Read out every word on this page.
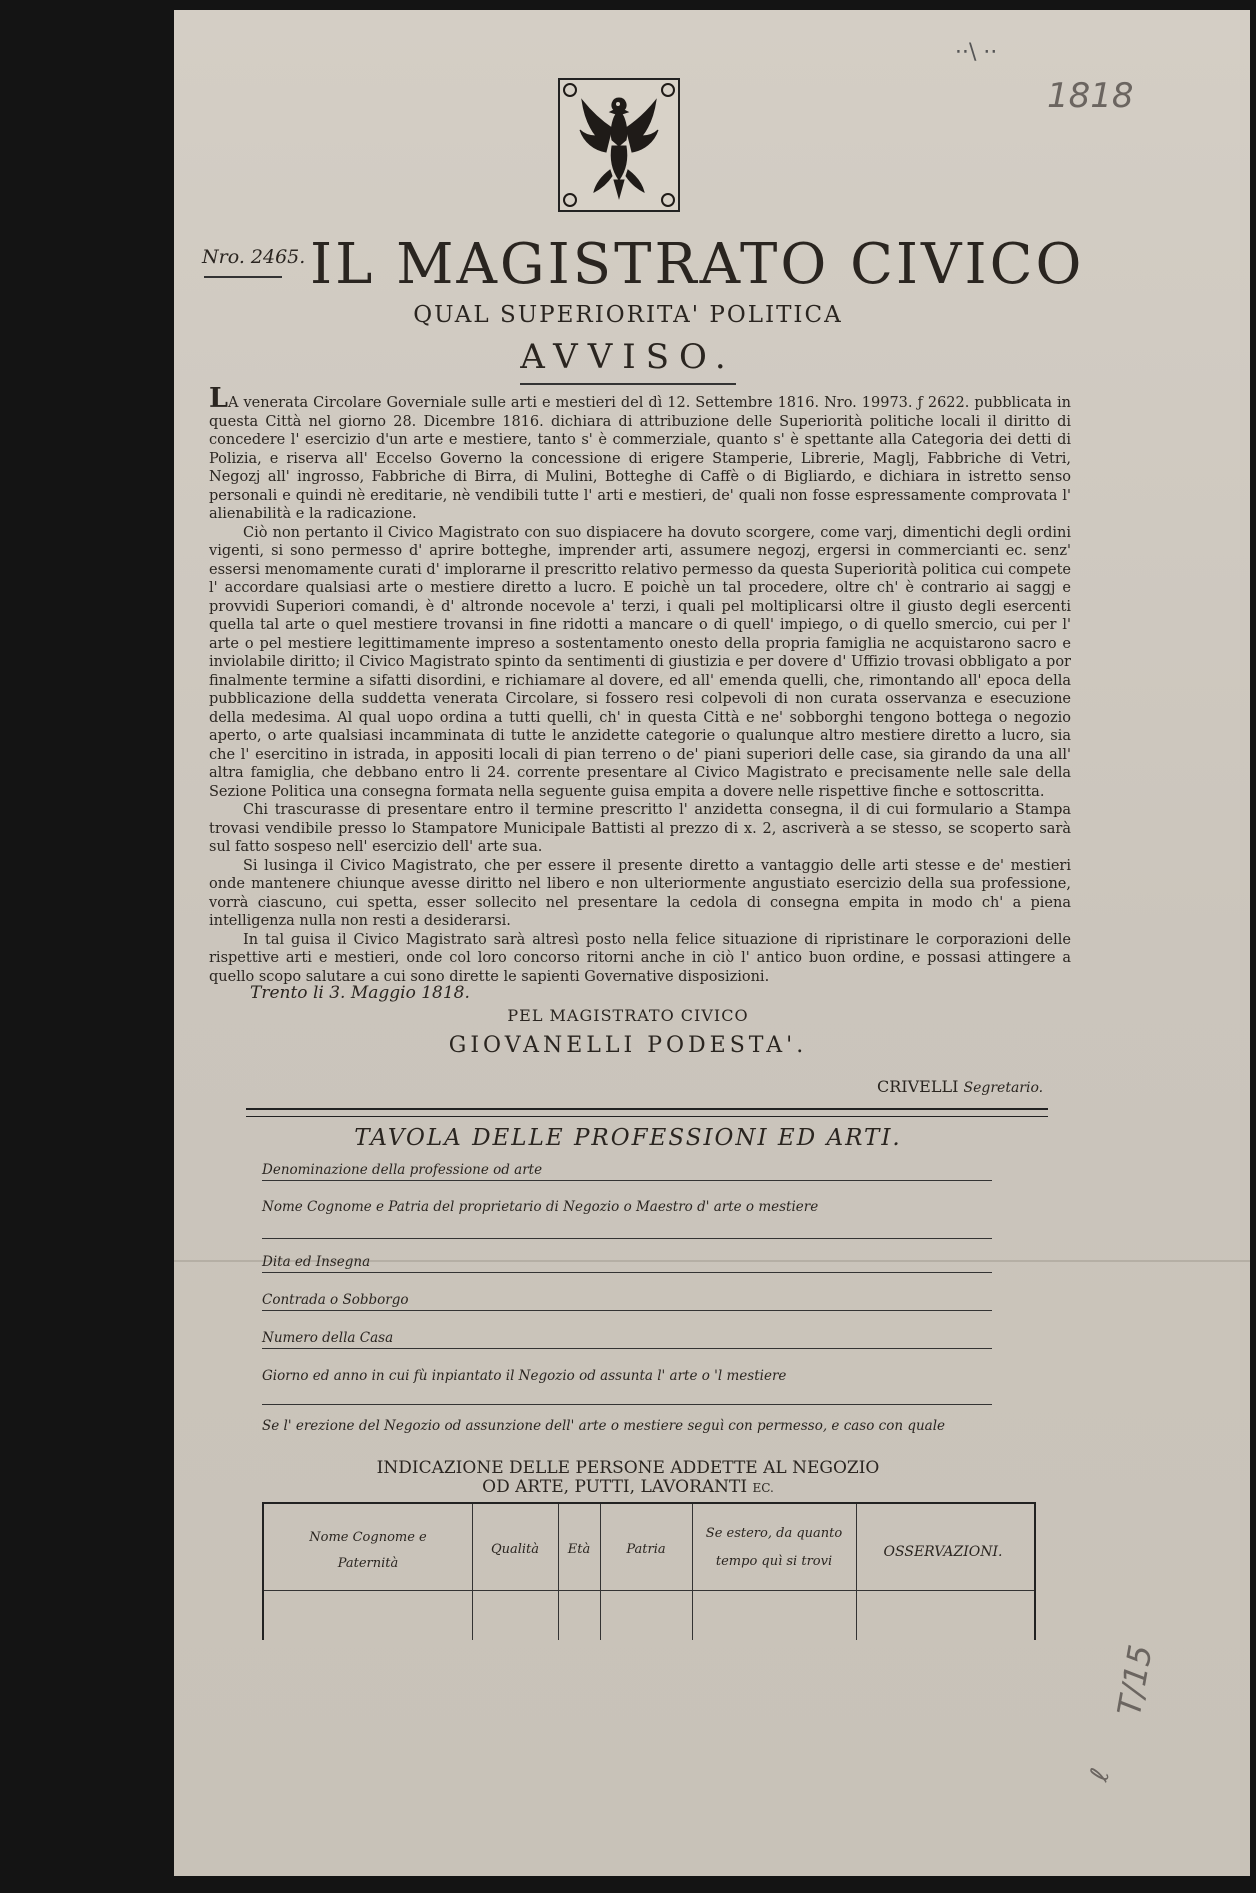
1818
⋅⋅\ ⋅⋅
T/15
ℓ
Nro. 2465. IL MAGISTRATO CIVICO
QUAL SUPERIORITA' POLITICA
AVVISO.

LA venerata Circolare Governiale sulle arti e mestieri del dì 12. Settembre 1816. Nro. 19973. ƒ 2622. pubblicata in questa Città nel giorno 28. Dicembre 1816. dichiara di attribuzione delle Superiorità politiche locali il diritto di concedere l' esercizio d'un arte e mestiere, tanto s' è commerziale, quanto s' è spettante alla Categoria dei detti di Polizia, e riserva all' Eccelso Governo la concessione di erigere Stamperie, Librerie, Maglj, Fabbriche di Vetri, Negozj all' ingrosso, Fabbriche di Birra, di Mulini, Botteghe di Caffè o di Bigliardo, e dichiara in istretto senso personali e quindi nè ereditarie, nè vendibili tutte l' arti e mestieri, de' quali non fosse espressamente comprovata l' alienabilità e la radicazione.

Ciò non pertanto il Civico Magistrato con suo dispiacere ha dovuto scorgere, come varj, dimentichi degli ordini vigenti, si sono permesso d' aprire botteghe, imprender arti, assumere negozj, ergersi in commercianti ec. senz' essersi menomamente curati d' implorarne il prescritto relativo permesso da questa Superiorità politica cui compete l' accordare qualsiasi arte o mestiere diretto a lucro. E poichè un tal procedere, oltre ch' è contrario ai saggj e provvidi Superiori comandi, è d' altronde nocevole a' terzi, i quali pel moltiplicarsi oltre il giusto degli esercenti quella tal arte o quel mestiere trovansi in fine ridotti a mancare o di quell' impiego, o di quello smercio, cui per l' arte o pel mestiere legittimamente impreso a sostentamento onesto della propria famiglia ne acquistarono sacro e inviolabile diritto; il Civico Magistrato spinto da sentimenti di giustizia e per dovere d' Uffizio trovasi obbligato a por finalmente termine a sifatti disordini, e richiamare al dovere, ed all' emenda quelli, che, rimontando all' epoca della pubblicazione della suddetta venerata Circolare, si fossero resi colpevoli di non curata osservanza e esecuzione della medesima. Al qual uopo ordina a tutti quelli, ch' in questa Città e ne' sobborghi tengono bottega o negozio aperto, o arte qualsiasi incamminata di tutte le anzidette categorie o qualunque altro mestiere diretto a lucro, sia che l' esercitino in istrada, in appositi locali di pian terreno o de' piani superiori delle case, sia girando da una all' altra famiglia, che debbano entro li 24. corrente presentare al Civico Magistrato e precisamente nelle sale della Sezione Politica una consegna formata nella seguente guisa empita a dovere nelle rispettive finche e sottoscritta.

Chi trascurasse di presentare entro il termine prescritto l' anzidetta consegna, il di cui formulario a Stampa trovasi vendibile presso lo Stampatore Municipale Battisti al prezzo di x. 2, ascriverà a se stesso, se scoperto sarà sul fatto sospeso nell' esercizio dell' arte sua.

Si lusinga il Civico Magistrato, che per essere il presente diretto a vantaggio delle arti stesse e de' mestieri onde mantenere chiunque avesse diritto nel libero e non ulteriormente angustiato esercizio della sua professione, vorrà ciascuno, cui spetta, esser sollecito nel presentare la cedola di consegna empita in modo ch' a piena intelligenza nulla non resti a desiderarsi.

In tal guisa il Civico Magistrato sarà altresì posto nella felice situazione di ripristinare le corporazioni delle rispettive arti e mestieri, onde col loro concorso ritorni anche in ciò l' antico buon ordine, e possasi attingere a quello scopo salutare a cui sono dirette le sapienti Governative disposizioni.

Trento li 3. Maggio 1818.
PEL MAGISTRATO CIVICO
GIOVANELLI PODESTA'.
CRIVELLI Segretario.
TAVOLA DELLE PROFESSIONI ED ARTI.
Denominazione della professione od arte
Nome Cognome e Patria del proprietario di Negozio o Maestro d' arte o mestiere
Dita ed Insegna
Contrada o Sobborgo
Numero della Casa
Giorno ed anno in cui fù inpiantato il Negozio od assunta l' arte o 'l mestiere
Se l' erezione del Negozio od assunzione dell' arte o mestiere seguì con permesso, e caso con quale
INDICAZIONE DELLE PERSONE ADDETTE AL NEGOZIO
OD ARTE, PUTTI, LAVORANTI EC.
Nome Cognome e
Paternità
Qualità	Età	Patria
Se estero, da quanto
tempo quì si trovi
OSSERVAZIONI.
